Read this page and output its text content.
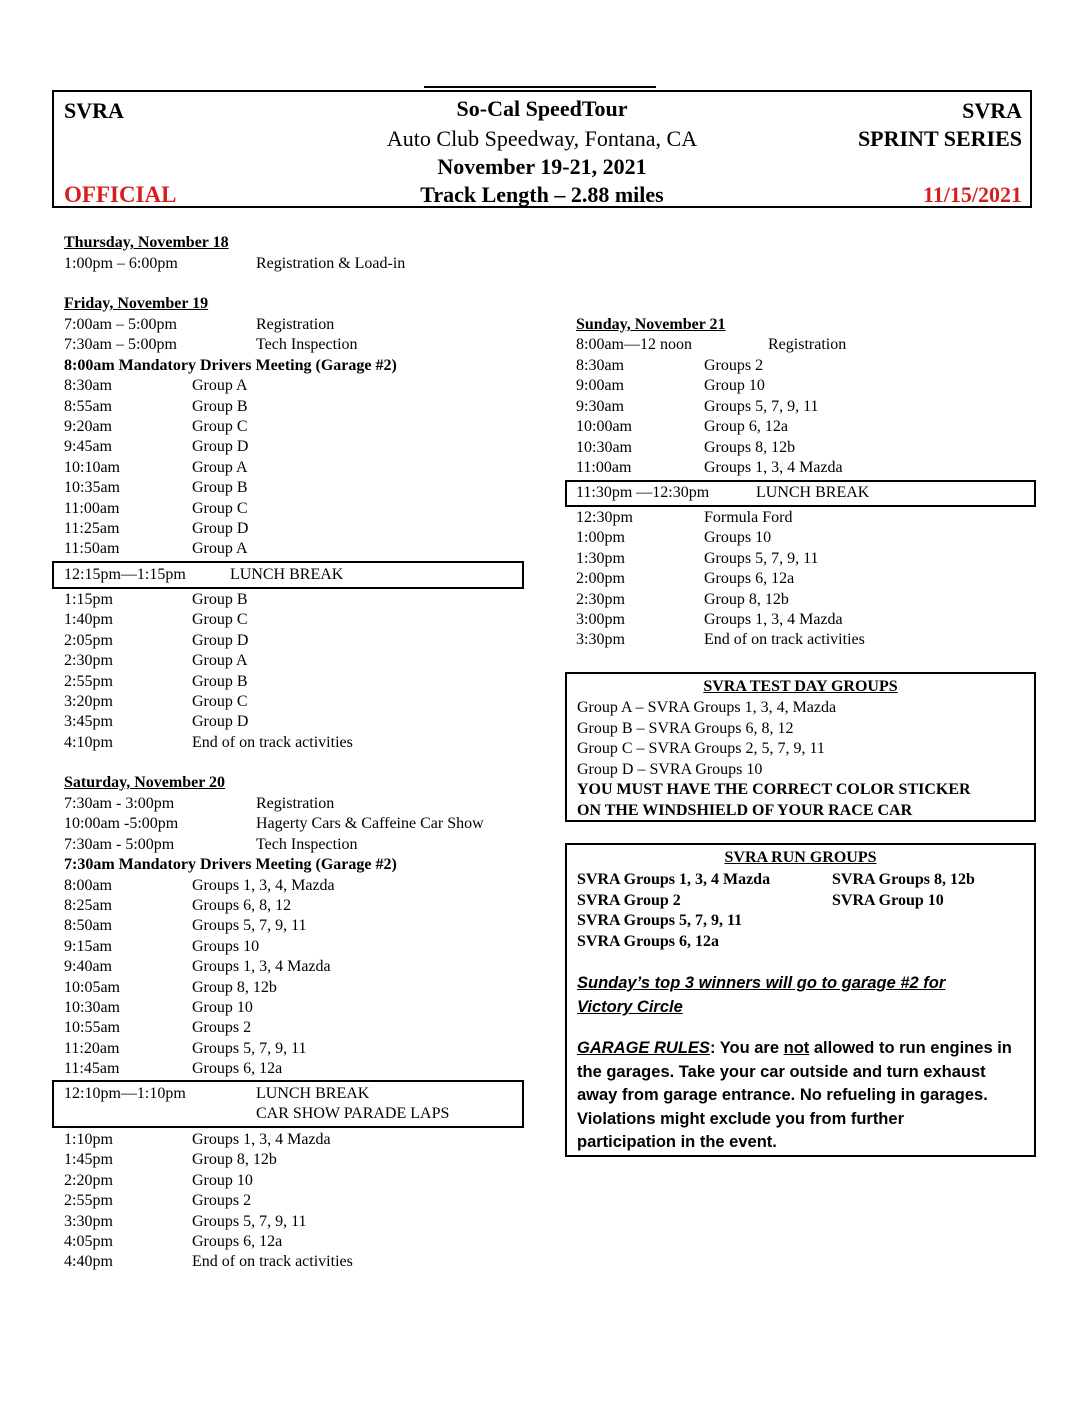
SVRA
OFFICIAL
So-Cal SpeedTour
Auto Club Speedway, Fontana, CA
November 19-21, 2021
Track Length – 2.88 miles
SVRA
SPRINT SERIES
11/15/2021
Thursday, November 18
1:00pm – 6:00pm	Registration & Load-in
Friday, November 19
7:00am – 5:00pm	Registration
7:30am – 5:00pm	Tech Inspection
8:00am Mandatory Drivers Meeting (Garage #2)
8:30am	Group A
8:55am	Group B
9:20am	Group C
9:45am	Group D
10:10am	Group A
10:35am	Group B
11:00am	Group C
11:25am	Group D
11:50am	Group A
12:15pm—1:15pm	LUNCH BREAK
1:15pm	Group B
1:40pm	Group C
2:05pm	Group D
2:30pm	Group A
2:55pm	Group B
3:20pm	Group C
3:45pm	Group D
4:10pm	End of on track activities
Saturday, November 20
7:30am - 3:00pm	Registration
10:00am -5:00pm	Hagerty Cars & Caffeine Car Show
7:30am - 5:00pm	Tech Inspection
7:30am Mandatory Drivers Meeting (Garage #2)
8:00am	Groups 1, 3, 4, Mazda
8:25am	Groups 6, 8, 12
8:50am	Groups 5, 7, 9, 11
9:15am	Groups 10
9:40am	Groups 1, 3, 4 Mazda
10:05am	Group 8, 12b
10:30am	Group 10
10:55am	Groups 2
11:20am	Groups 5, 7, 9, 11
11:45am	Groups 6, 12a
12:10pm—1:10pm	LUNCH BREAK
CAR SHOW PARADE LAPS
1:10pm	Groups 1, 3, 4 Mazda
1:45pm	Group 8, 12b
2:20pm	Group 10
2:55pm	Groups 2
3:30pm	Groups 5, 7, 9, 11
4:05pm	Groups 6, 12a
4:40pm	End of on track activities
Sunday, November 21
8:00am—12 noon	Registration
8:30am	Groups 2
9:00am	Group 10
9:30am	Groups 5, 7, 9, 11
10:00am	Group 6, 12a
10:30am	Groups 8, 12b
11:00am	Groups 1, 3, 4 Mazda
11:30pm —12:30pm	LUNCH BREAK
12:30pm	Formula Ford
1:00pm	Groups 10
1:30pm	Groups 5, 7, 9, 11
2:00pm	Groups 6, 12a
2:30pm	Group 8, 12b
3:00pm	Groups 1, 3, 4 Mazda
3:30pm	End of on track activities
SVRA TEST DAY GROUPS
Group A – SVRA Groups 1, 3, 4, Mazda
Group B – SVRA Groups 6, 8, 12
Group C – SVRA Groups 2, 5, 7, 9, 11
Group D – SVRA Groups 10
YOU MUST HAVE THE CORRECT COLOR STICKER
ON THE WINDSHIELD OF YOUR RACE CAR
SVRA RUN GROUPS
SVRA Groups 1, 3, 4 Mazda
SVRA Group 2
SVRA Groups 5, 7, 9, 11
SVRA Groups 6, 12a
SVRA Groups 8, 12b
SVRA Group 10
Sunday’s top 3 winners will go to garage #2 for
Victory Circle
GARAGE RULES: You are not allowed to run engines in
the garages. Take your car outside and turn exhaust
away from garage entrance. No refueling in garages.
Violations might exclude you from further
participation in the event.
